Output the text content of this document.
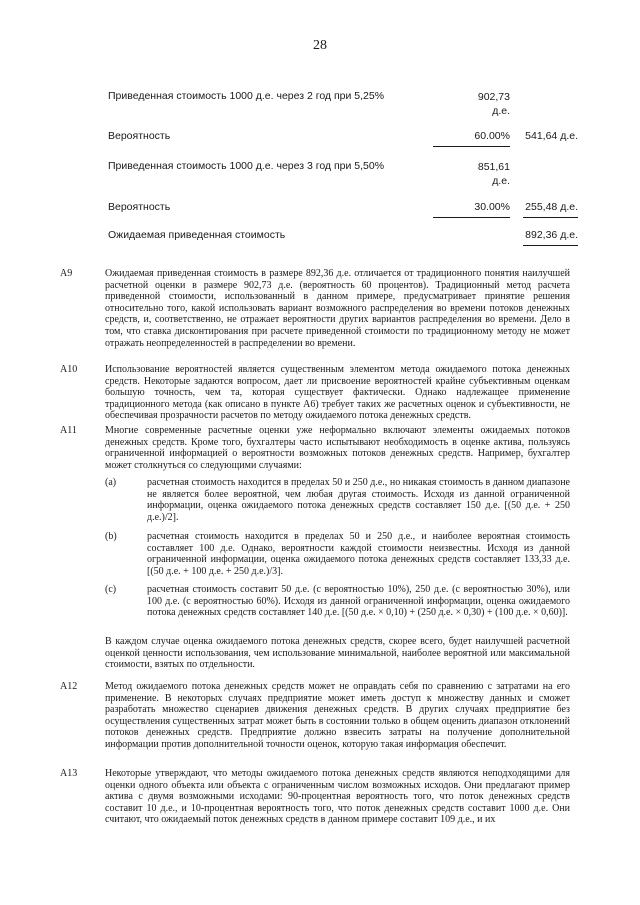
28
Приведенная стоимость 1000 д.е. через 2 год при 5,25%	902,73
д.е.
Вероятность	60.00%	541,64 д.е.
Приведенная стоимость 1000 д.е. через 3 год при 5,50%	851,61
д.е.
Вероятность	30.00%	255,48 д.е.
Ожидаемая приведенная стоимость	892,36 д.е.
A9	Ожидаемая приведенная стоимость в размере 892,36 д.е. отличается от традиционного понятия наилучшей расчетной оценки в размере 902,73 д.е. (вероятность 60 процентов). Традиционный метод расчета приведенной стоимости, использованный в данном примере, предусматривает принятие решения относительно того, какой использовать вариант возможного распределения во времени потоков денежных средств, и, соответственно, не отражает вероятности других вариантов распределения во времени. Дело в том, что ставка дисконтирования при расчете приведенной стоимости по традиционному методу не может отражать неопределенностей в распределении во времени.
A10	Использование вероятностей является существенным элементом метода ожидаемого потока денежных средств. Некоторые задаются вопросом, дает ли присвоение вероятностей крайне субъективным оценкам большую точность, чем та, которая существует фактически. Однако надлежащее применение традиционного метода (как описано в пункте А6) требует таких же расчетных оценок и субъективности, не обеспечивая прозрачности расчетов по методу ожидаемого потока денежных средств.
A11	Многие современные расчетные оценки уже неформально включают элементы ожидаемых потоков денежных средств. Кроме того, бухгалтеры часто испытывают необходимость в оценке актива, пользуясь ограниченной информацией о вероятности возможных потоков денежных средств. Например, бухгалтер может столкнуться со следующими случаями:
(a)	расчетная стоимость находится в пределах 50 и 250 д.е., но никакая стоимость в данном диапазоне не является более вероятной, чем любая другая стоимость. Исходя из данной ограниченной информации, оценка ожидаемого потока денежных средств составляет 150 д.е. [(50 д.е. + 250 д.е.)/2].
(b)	расчетная стоимость находится в пределах 50 и 250 д.е., и наиболее вероятная стоимость составляет 100 д.е. Однако, вероятности каждой стоимости неизвестны. Исходя из данной ограниченной информации, оценка ожидаемого потока денежных средств составляет 133,33 д.е. [(50 д.е. + 100 д.е. + 250 д.е.)/3].
(c)	расчетная стоимость составит 50 д.е. (с вероятностью 10%), 250 д.е. (с вероятностью 30%), или 100 д.е. (с вероятностью 60%). Исходя из данной ограниченной информации, оценка ожидаемого потока денежных средств составляет 140 д.е. [(50 д.е. × 0,10) + (250 д.е. × 0,30) + (100 д.е. × 0,60)].
В каждом случае оценка ожидаемого потока денежных средств, скорее всего, будет наилучшей расчетной оценкой ценности использования, чем использование минимальной, наиболее вероятной или максимальной стоимости, взятых по отдельности.
A12	Метод ожидаемого потока денежных средств может не оправдать себя по сравнению с затратами на его применение. В некоторых случаях предприятие может иметь доступ к множеству данных и сможет разработать множество сценариев движения денежных средств. В других случаях предприятие без осуществления существенных затрат может быть в состоянии только в общем оценить диапазон отклонений потоков денежных средств. Предприятие должно взвесить затраты на получение дополнительной информации против дополнительной точности оценок, которую такая информация обеспечит.
A13	Некоторые утверждают, что методы ожидаемого потока денежных средств являются неподходящими для оценки одного объекта или объекта с ограниченным числом возможных исходов. Они предлагают пример актива с двумя возможными исходами: 90-процентная вероятность того, что поток денежных средств составит 10 д.е., и 10-процентная вероятность того, что поток денежных средств составит 1000 д.е. Они считают, что ожидаемый поток денежных средств в данном примере составит 109 д.е., и их
